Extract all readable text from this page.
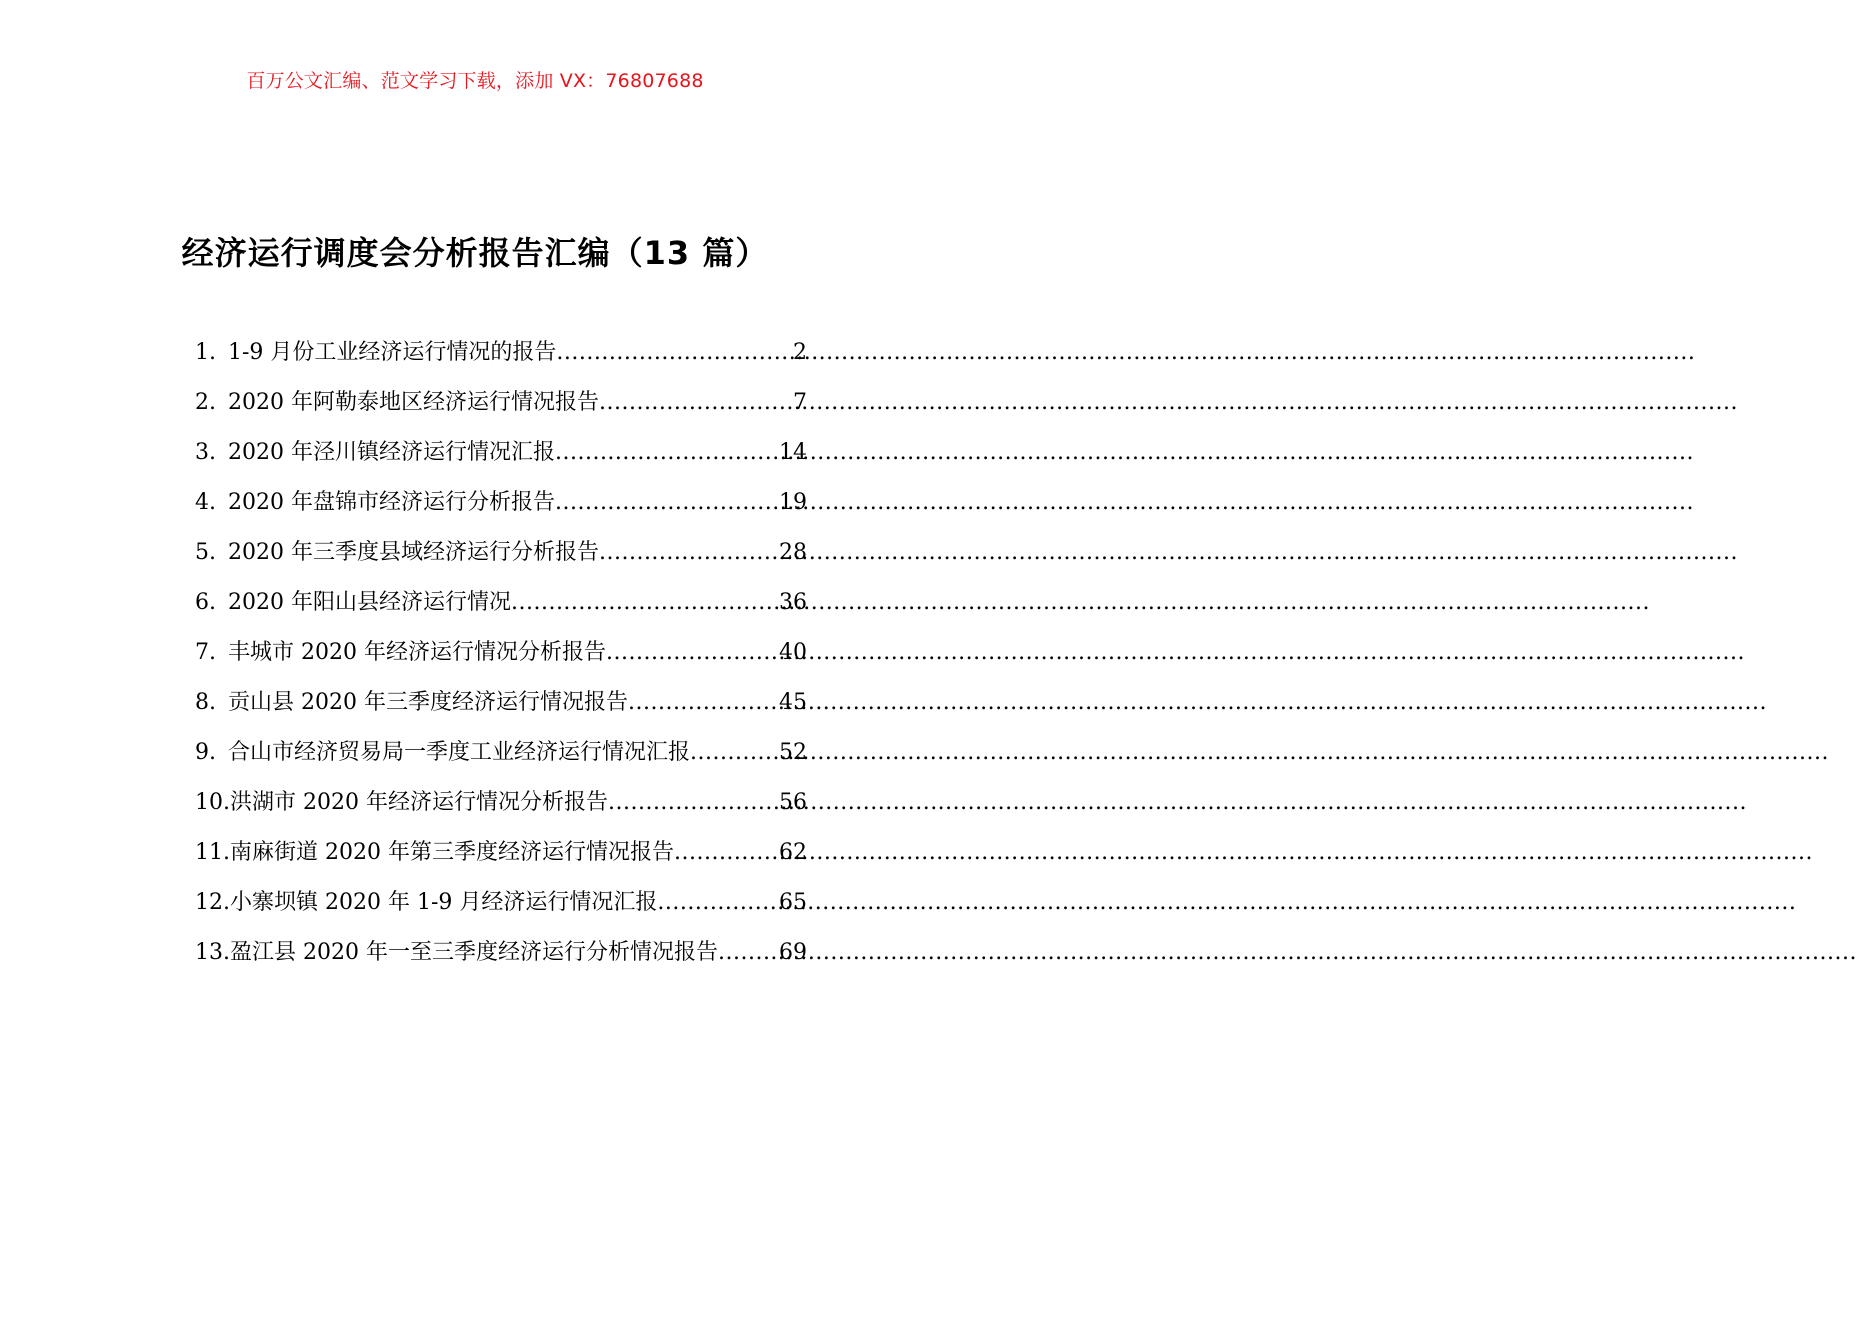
百万公文汇编、范文学习下载，添加 VX：76807688
经济运行调度会分析报告汇编（13 篇）
1. 1-9 月份工业经济运行情况的报告 .....	2
2. 2020 年阿勒泰地区经济运行情况报告 .....	7
3. 2020 年泾川镇经济运行情况汇报 .....	14
4. 2020 年盘锦市经济运行分析报告 .....	19
5. 2020 年三季度县域经济运行分析报告 .....	28
6. 2020 年阳山县经济运行情况 .....	36
7. 丰城市 2020 年经济运行情况分析报告 .....	40
8. 贡山县 2020 年三季度经济运行情况报告 .....	45
9. 合山市经济贸易局一季度工业经济运行情况汇报 .....	52
10. 洪湖市 2020 年经济运行情况分析报告 .....	56
11. 南麻街道 2020 年第三季度经济运行情况报告 .....	62
12. 小寨坝镇 2020 年 1-9 月经济运行情况汇报 .....	65
13. 盈江县 2020 年一至三季度经济运行分析情况报告 .....	69
